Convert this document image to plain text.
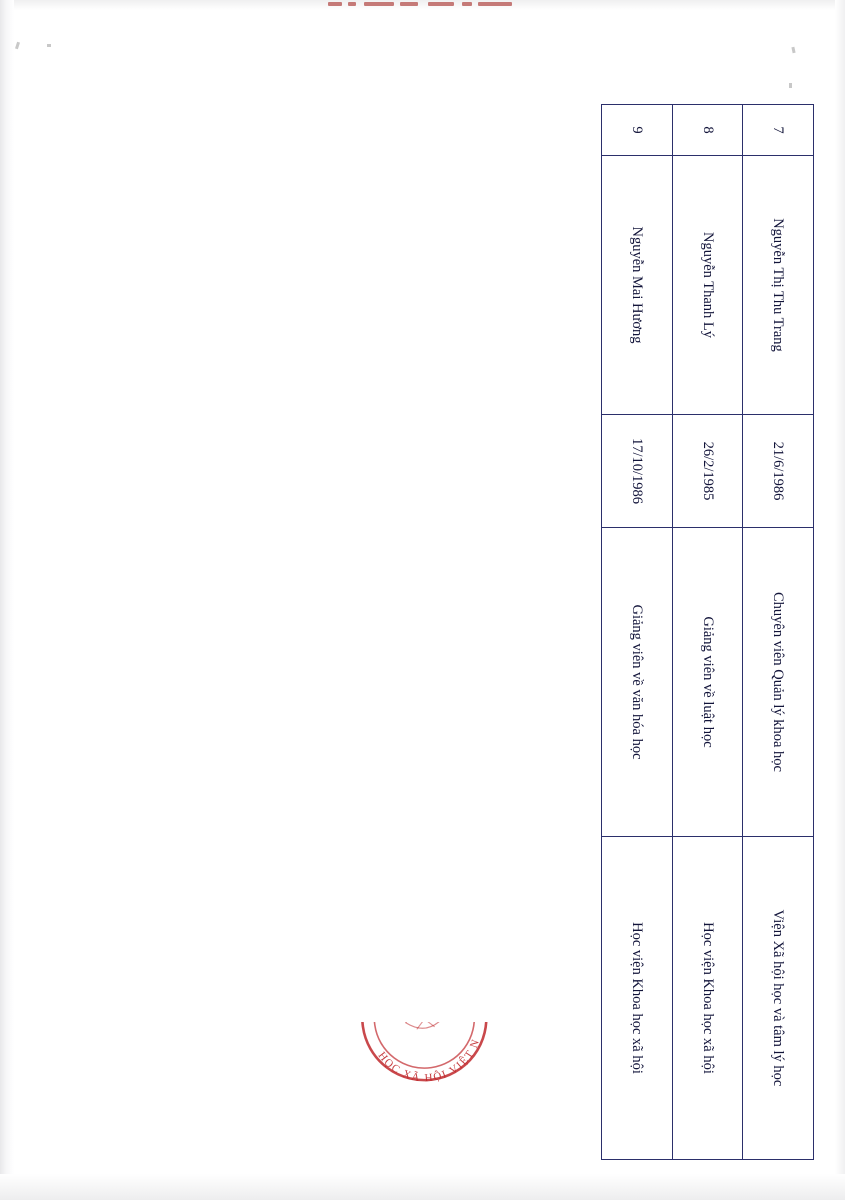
7	Nguyễn Thị Thu Trang	21/6/1986	Chuyên viên Quản lý khoa học	Viện Xã hội học và tâm lý học
8	Nguyễn Thanh Lý	26/2/1985	Giảng viên về luật học	Học viện Khoa học xã hội
9	Nguyễn Mai Hương	17/10/1986	Giảng viên về văn hóa học	Học viện Khoa học xã hội
HỌC XÃ HỘI VIỆT N
